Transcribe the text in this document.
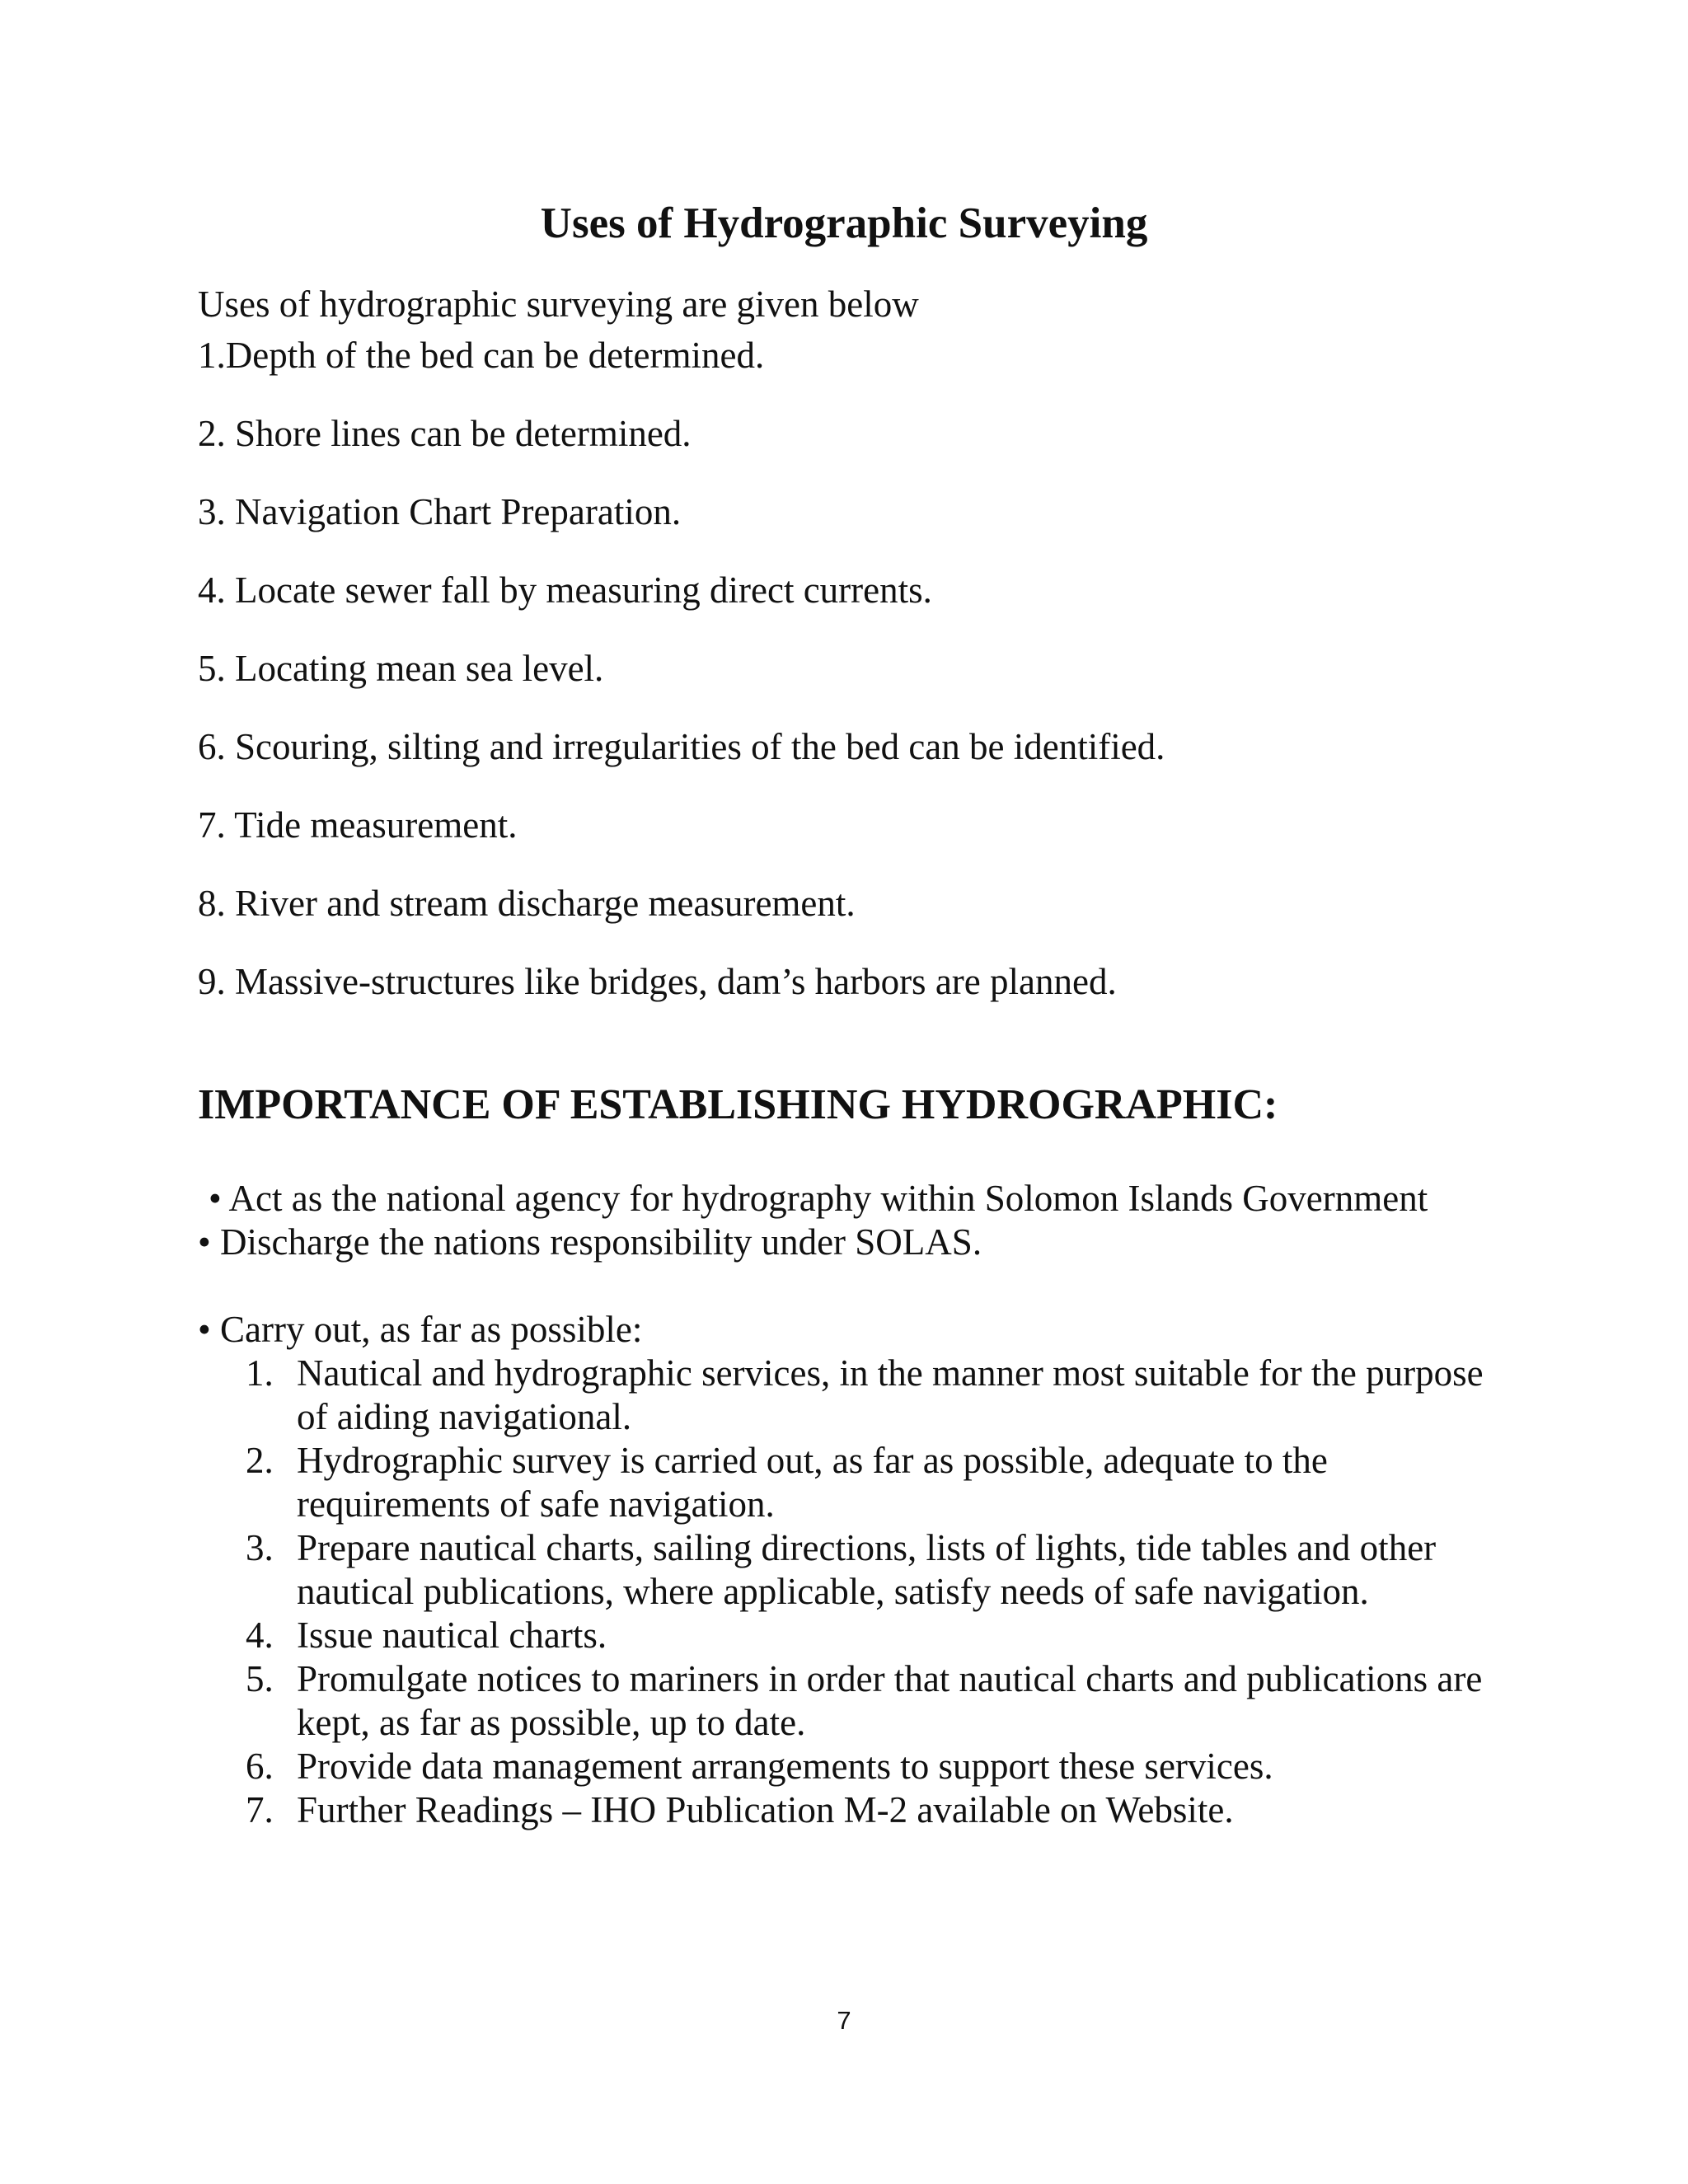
Uses of Hydrographic Surveying

Uses of hydrographic surveying are given below

1.Depth of the bed can be determined.
2. Shore lines can be determined.
3. Navigation Chart Preparation.
4. Locate sewer fall by measuring direct currents.
5. Locating mean sea level.
6. Scouring, silting and irregularities of the bed can be identified.
7. Tide measurement.
8. River and stream discharge measurement.
9. Massive-structures like bridges, dam’s harbors are planned.
IMPORTANCE OF ESTABLISHING HYDROGRAPHIC:

• Act as the national agency for hydrography within Solomon Islands Government

• Discharge the nations responsibility under SOLAS.

• Carry out, as far as possible:

1. Nautical and hydrographic services, in the manner most suitable for the purpose of aiding navigational.
2. Hydrographic survey is carried out, as far as possible, adequate to the requirements of safe navigation.
3. Prepare nautical charts, sailing directions, lists of lights, tide tables and other nautical publications, where applicable, satisfy needs of safe navigation.
4. Issue nautical charts.
5. Promulgate notices to mariners in order that nautical charts and publications are kept, as far as possible, up to date.
6. Provide data management arrangements to support these services.
7. Further Readings – IHO Publication M-2 available on Website.

7
